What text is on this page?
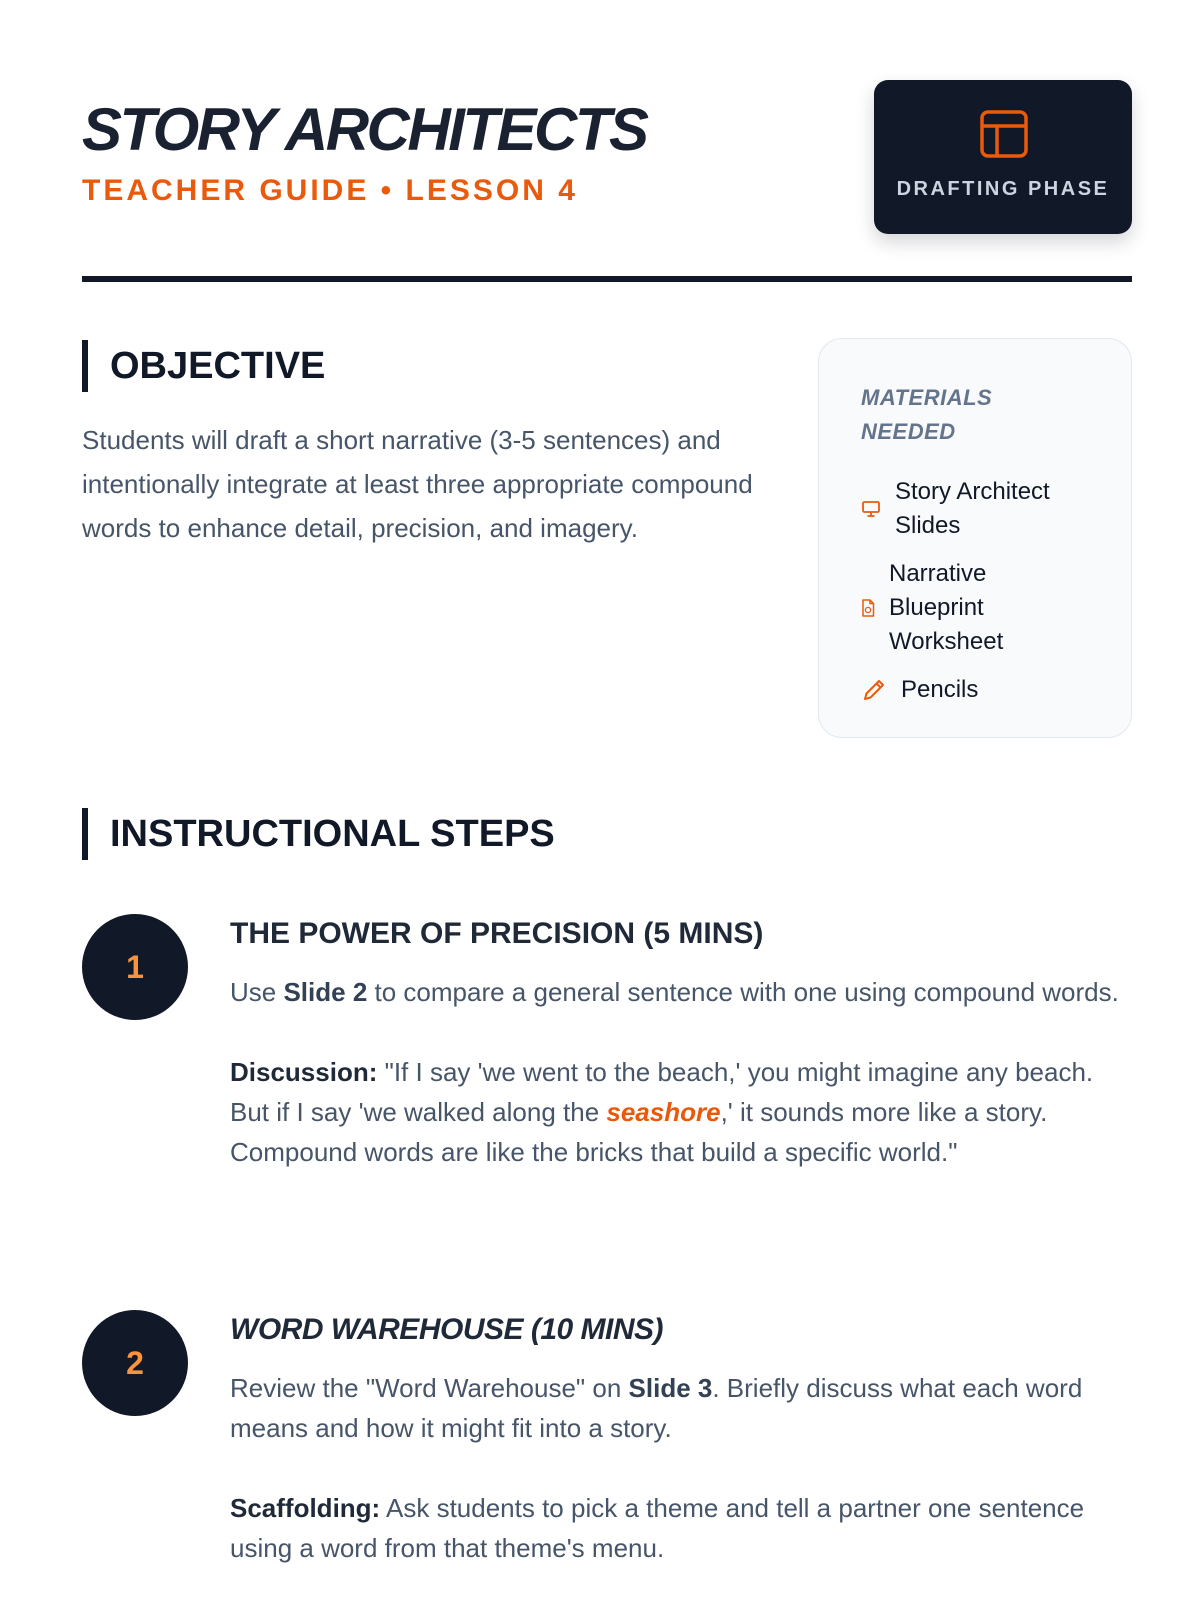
STORY ARCHITECTS
TEACHER GUIDE • LESSON 4	DRAFTING PHASE
OBJECTIVE

Students will draft a short narrative (3-5 sentences) and intentionally integrate at least three appropriate compound words to enhance detail, precision, and imagery.

MATERIALS NEEDED
Story Architect Slides
Narrative Blueprint Worksheet
Pencils
INSTRUCTIONAL STEPS
1
THE POWER OF PRECISION (5 MINS)

Use Slide 2 to compare a general sentence with one using compound words.

Discussion: "If I say 'we went to the beach,' you might imagine any beach. But if I say 'we walked along the seashore,' it sounds more like a story. Compound words are like the bricks that build a specific world."

2
WORD WAREHOUSE (10 MINS)

Review the "Word Warehouse" on Slide 3. Briefly discuss what each word means and how it might fit into a story.

Scaffolding: Ask students to pick a theme and tell a partner one sentence using a word from that theme's menu.
